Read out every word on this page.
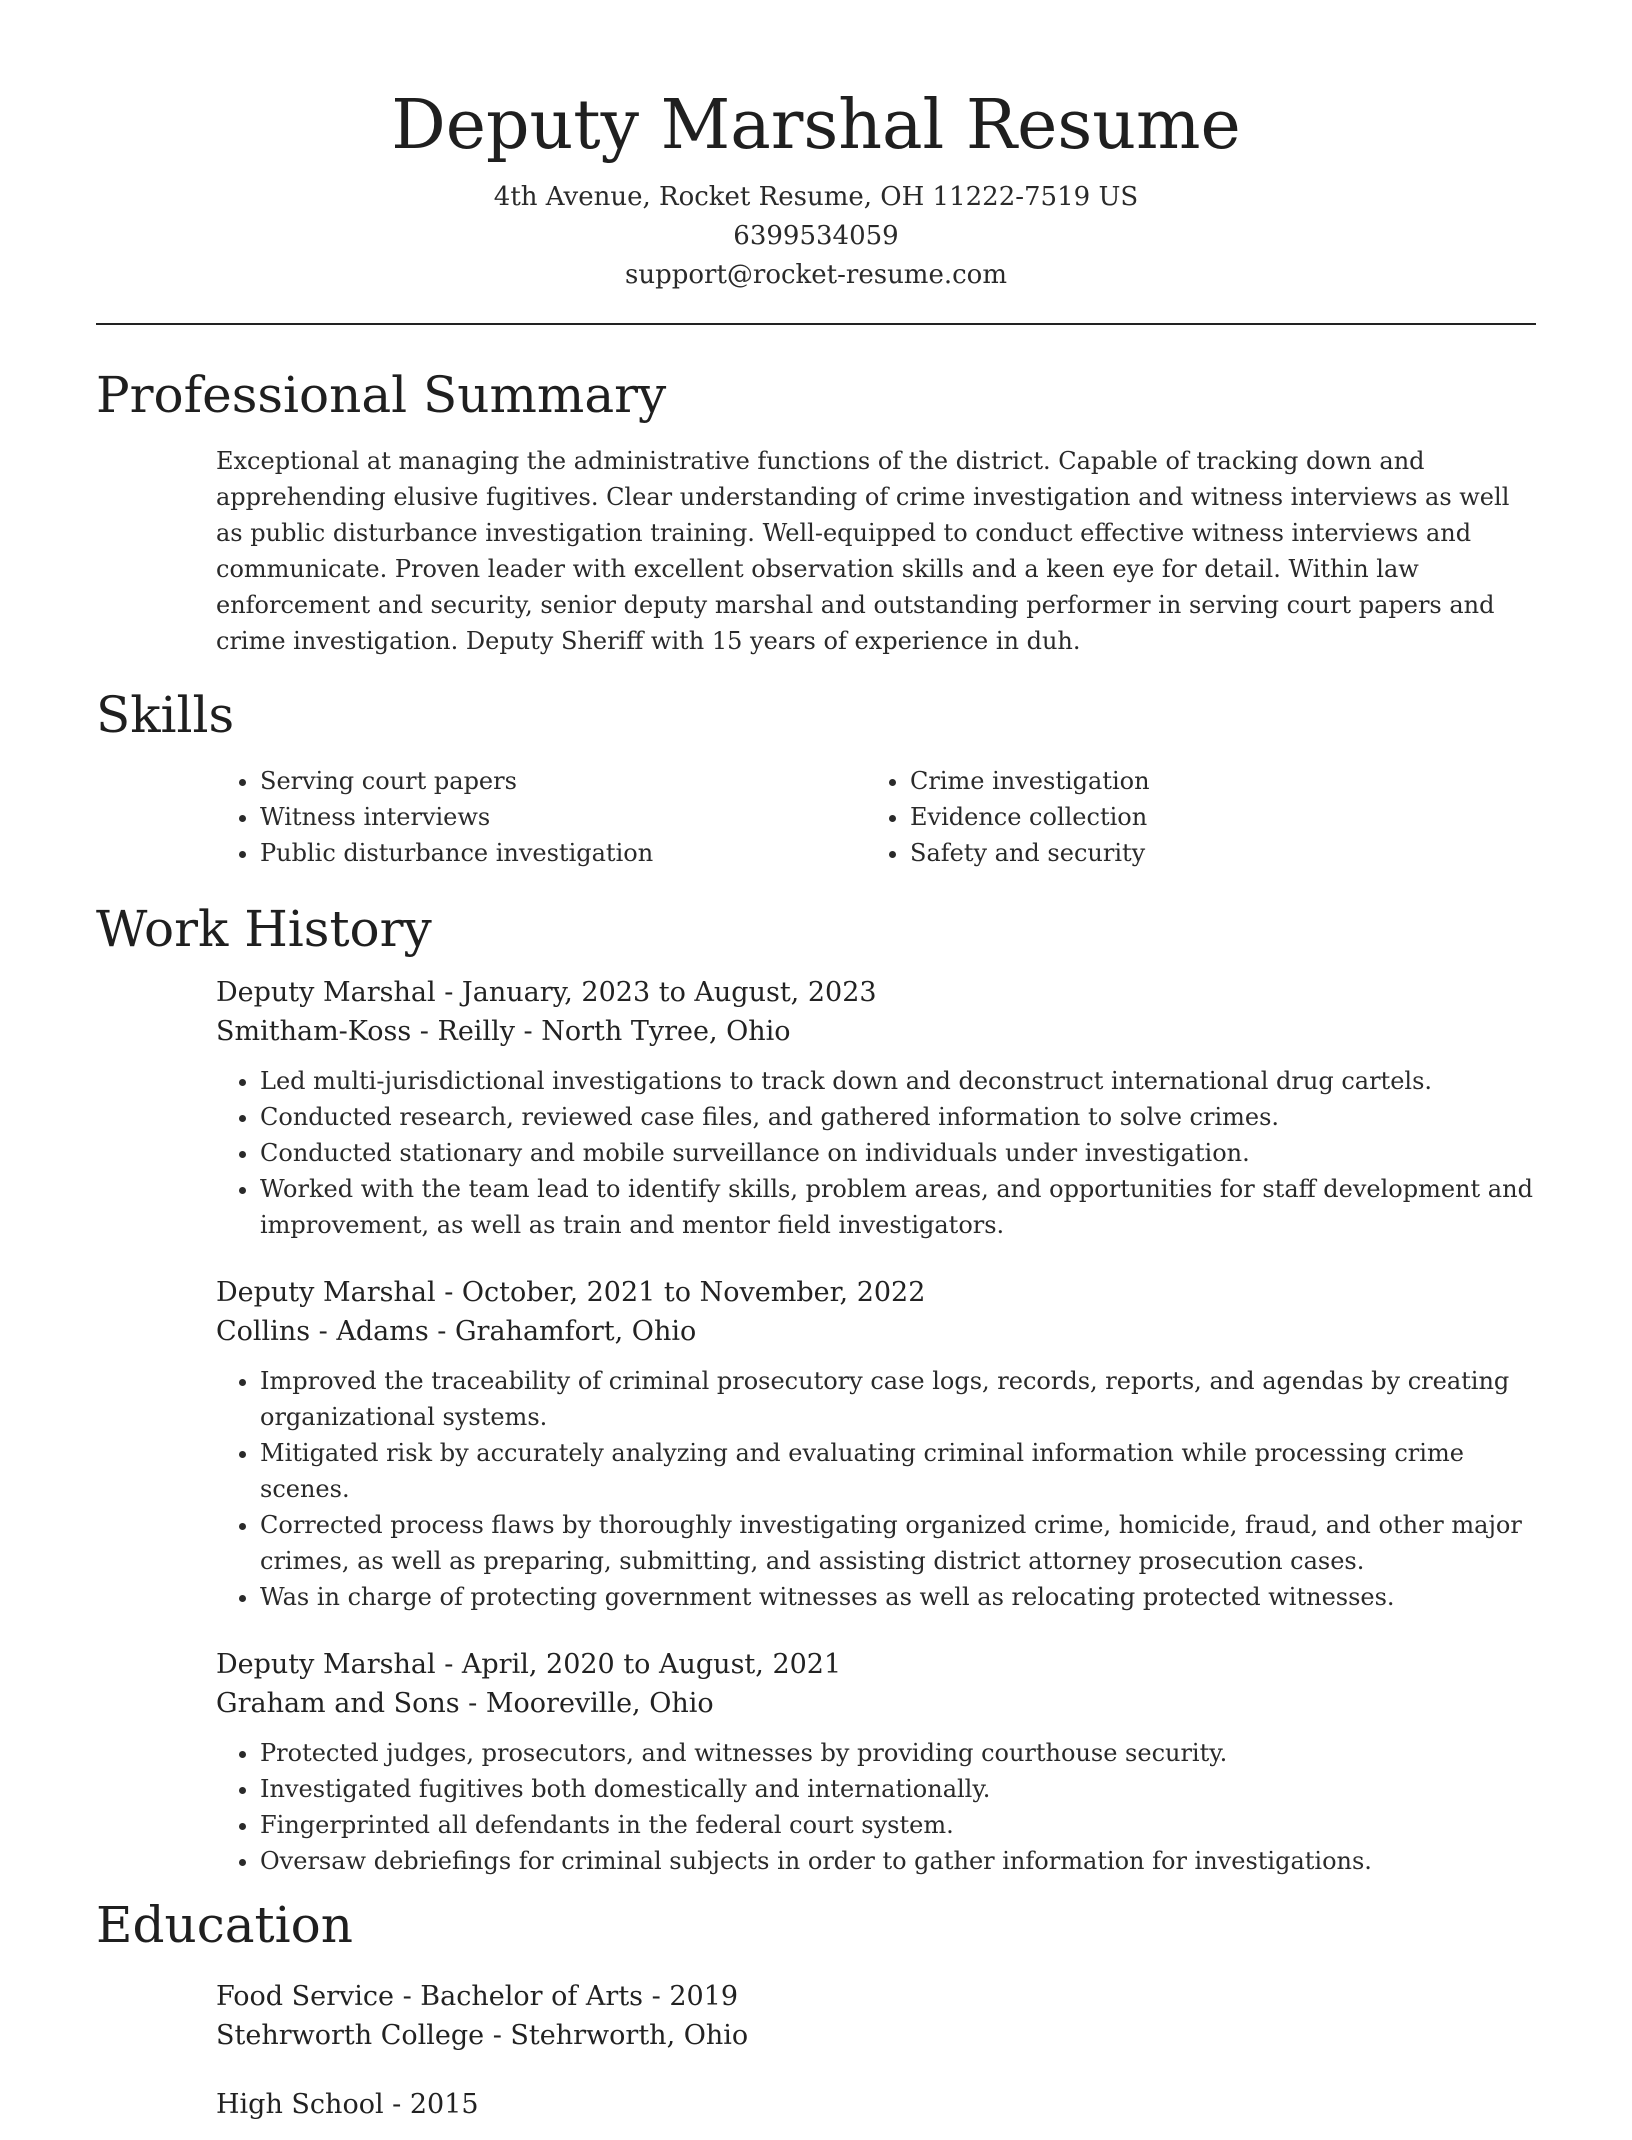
Deputy Marshal Resume
4th Avenue, Rocket Resume, OH 11222-7519 US
6399534059
support@rocket-resume.com
Professional Summary

Exceptional at managing the administrative functions of the district. Capable of tracking down and apprehending elusive fugitives. Clear understanding of crime investigation and witness interviews as well as public disturbance investigation training. Well-equipped to conduct effective witness interviews and communicate. Proven leader with excellent observation skills and a keen eye for detail. Within law enforcement and security, senior deputy marshal and outstanding performer in serving court papers and crime investigation. Deputy Sheriff with 15 years of experience in duh.

Skills
• Serving court papers
• Witness interviews
• Public disturbance investigation
• Crime investigation
• Evidence collection
• Safety and security
Work History
Deputy Marshal - January, 2023 to August, 2023
Smitham-Koss - Reilly - North Tyree, Ohio
• Led multi-jurisdictional investigations to track down and deconstruct international drug cartels.
• Conducted research, reviewed case files, and gathered information to solve crimes.
• Conducted stationary and mobile surveillance on individuals under investigation.
• Worked with the team lead to identify skills, problem areas, and opportunities for staff development and improvement, as well as train and mentor field investigators.
Deputy Marshal - October, 2021 to November, 2022
Collins - Adams - Grahamfort, Ohio
• Improved the traceability of criminal prosecutory case logs, records, reports, and agendas by creating organizational systems.
• Mitigated risk by accurately analyzing and evaluating criminal information while processing crime scenes.
• Corrected process flaws by thoroughly investigating organized crime, homicide, fraud, and other major crimes, as well as preparing, submitting, and assisting district attorney prosecution cases.
• Was in charge of protecting government witnesses as well as relocating protected witnesses.
Deputy Marshal - April, 2020 to August, 2021
Graham and Sons - Mooreville, Ohio
• Protected judges, prosecutors, and witnesses by providing courthouse security.
• Investigated fugitives both domestically and internationally.
• Fingerprinted all defendants in the federal court system.
• Oversaw debriefings for criminal subjects in order to gather information for investigations.
Education
Food Service - Bachelor of Arts - 2019
Stehrworth College - Stehrworth, Ohio
High School - 2015
